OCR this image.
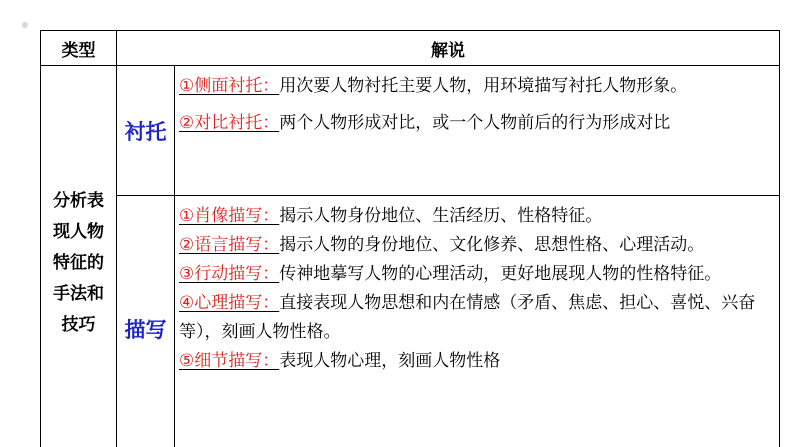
类型	解说	

分析表现人物特征的手法和技巧	衬托	①侧面衬托：用次要人物衬托主要人物，用环境描写衬托人物形象。
②对比衬托：两个人物形成对比，或一个人物前后的行为形成对比

	描写	①肖像描写：揭示人物身份地位、生活经历、性格特征。
②语言描写：揭示人物的身份地位、文化修养、思想性格、心理活动。
③行动描写：传神地摹写人物的心理活动，更好地展现人物的性格特征。
④心理描写：直接表现人物思想和内在情感（矛盾、焦虑、担心、喜悦、兴奋等），刻画人物性格。
⑤细节描写：表现人物心理，刻画人物性格
